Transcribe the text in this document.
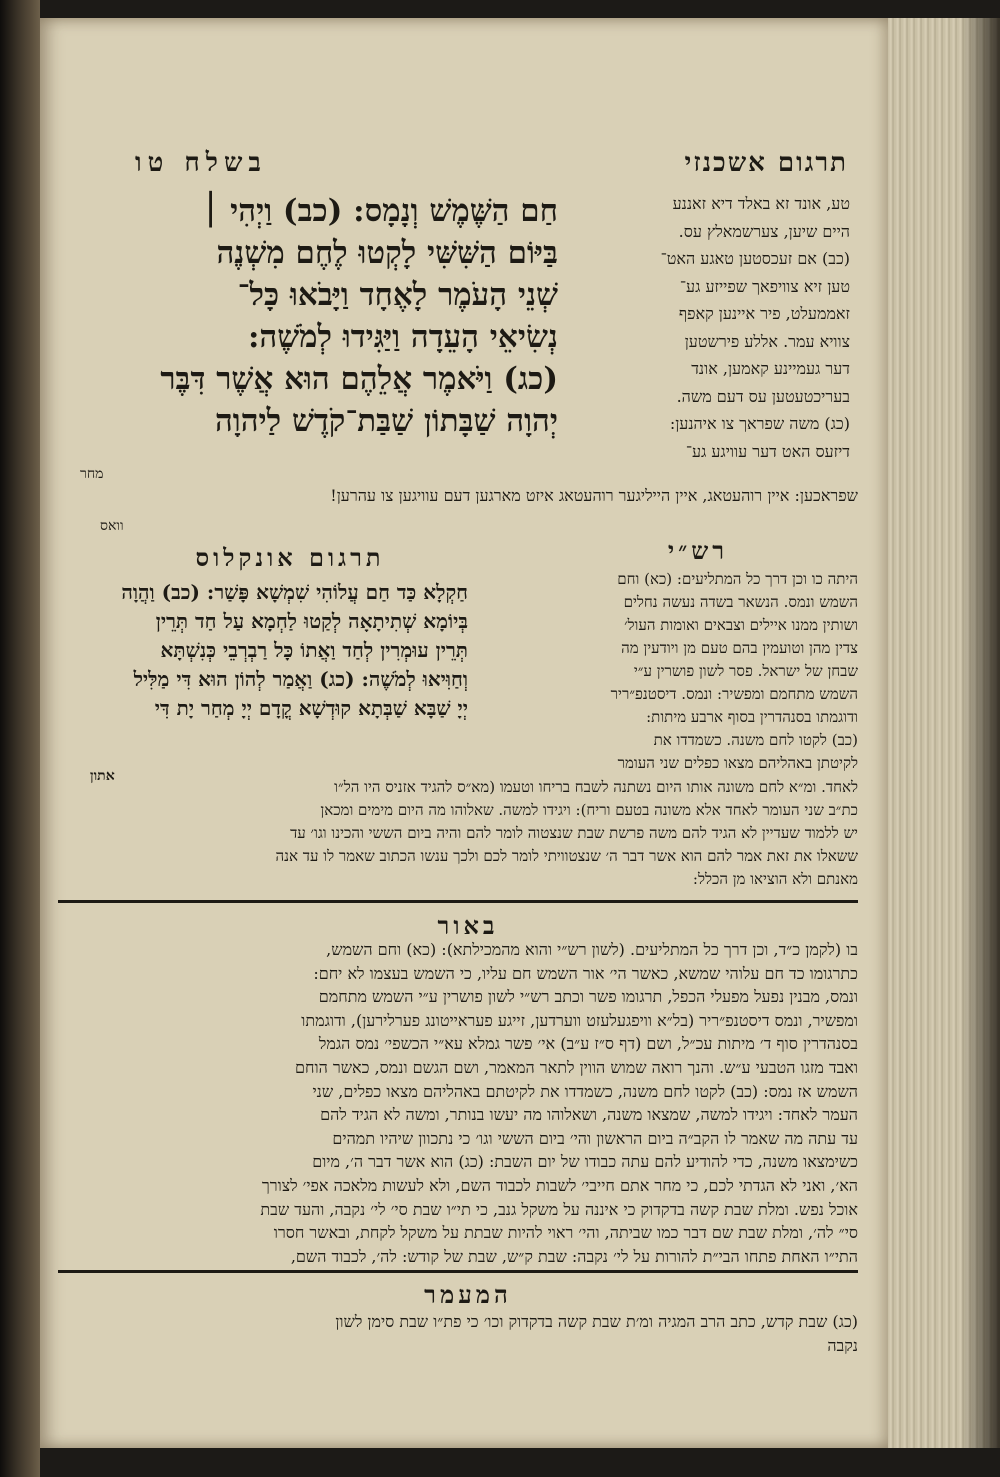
תרגום אשכנזי
בשלח טו
טע, אונד זא באלד דיא זאננע
היים שיען, צערשמאלץ עס.
(כב) אם זעכסטען טאגע האט־
טען זיא צוויפאך שפייזע גע־
זאממעלט, פיר איינען קאפף
צוויא עמר. אללע פירשטען
דער געמיינע קאמען, אונד
בעריכטעטען עס דעם משה.
(כג) משה שפראך צו איהנען:
דיזעס האט דער עוויגע גע־
חַם הַשֶּׁמֶשׁ וְנָמָס: (כב) וַיְהִי ׀
בַּיּוֹם הַשִּׁשִּׁי לָקְטוּ לֶחֶם מִשְׁנֶה
שְׁנֵי הָעֹמֶר לָאֶחָד וַיָּבֹאוּ כָּל־
נְשִׂיאֵי הָעֵדָה וַיַּגִּידוּ לְמֹשֶׁה:
(כג) וַיֹּאמֶר אֲלֵהֶם הוּא אֲשֶׁר דִּבֶּר
יְהוָה שַׁבָּתוֹן שַׁבַּת־קֹדֶשׁ לַיהוָה
מחר
שפראכען: איין רוהעטאג, איין הייליגער רוהעטאג איזט מארגען דעם עוויגען צו עהרען!
וואס
רש״י
תרגום אונקלוס
היתה כו וכן דרך כל המתליעים: (כא) וחם
השמש ונמס. הנשאר בשדה נעשה נחלים
ושותין ממנו איילים וצבאים ואומות העול׳
צדין מהן וטועמין בהם טעם מן ויודעין מה
שבחן של ישראל. פסר לשון פושרין ע״י
השמש מתחמם ומפשיר: ונמס. דיסטנפ״ריר
ודוגמתו בסנהדרין בסוף ארבע מיתות:
(כב) לקטו לחם משנה. כשמדדו את
לקיטתן באהליהם מצאו כפלים שני העומר
חַקְלָא כַּד חַם עֲלוֹהִי שִׁמְשָׁא פָּשַׁר: (כב) וַהֲוָה
בְּיוֹמָא שְׁתִיתָאָה לְקַטוּ לַחְמָא עַל חַד תְּרֵין
תְּרֵין עוּמְרִין לְחַד וַאֲתוֹ כָּל רַבְרְבֵי כְּנִשְׁתָּא
וְחַוִּיאוּ לְמֹשֶׁה: (כג) וַאֲמַר לְהוֹן הוּא דִּי מַלִּיל
יְיָ שַׁבָּא שַׁבְּתָא קוּדְשָׁא קֳדָם יְיָ מְחַר יָת דִּי
אתון
לאחד. ומ״א לחם משונה אותו היום נשתנה לשבח בריחו וטעמו (מא״ס להגיד אזניס היו הל״ו
כת״ב שני העומר לאחד אלא משונה בטעם וריח): ויגידו למשה. שאלוהו מה היום מימים ומכאן
יש ללמוד שעדיין לא הגיד להם משה פרשת שבת שנצטוה לומר להם והיה ביום הששי והכינו וגו׳ עד
ששאלו את זאת אמר להם הוא אשר דבר ה׳ שנצטוויתי לומר לכם ולכך ענשו הכתוב שאמר לו עד אנה
מאנתם ולא הוציאו מן הכלל:
באור
בו (לקמן כ״ד, וכן דרך כל המתליעים. (לשון רש״י והוא מהמכילתא): (כא) וחם השמש,
כתרגומו כד חם עלוהי שמשא, כאשר הי׳ אור השמש חם עליו, כי השמש בעצמו לא יחם:
ונמס, מבנין נפעל מפעלי הכפל, תרגומו פשר וכתב רש״י לשון פושרין ע״י השמש מתחמם
ומפשיר, ונמס דיסטנפ״ריר (בל״א וויפגעלעזט ווערדען, זייגע פעראייטונג פערלירען), ודוגמתו
בסנהדרין סוף ד׳ מיתות עכ״ל, ושם (דף ס״ז ע״ב) אי׳ פשר גמלא עא״י הכשפי׳ נמס הגמל
ואבד מזגו הטבעי ע״ש. והנך רואה שמוש הווין לתאר המאמר, ושם הגשם ונמס, כאשר הוחם
השמש אז נמס: (כב) לקטו לחם משנה, כשמדדו את לקיטתם באהליהם מצאו כפלים, שני
העמר לאחד: ויגידו למשה, שמצאו משנה, ושאלוהו מה יעשו בנותר, ומשה לא הגיד להם
עד עתה מה שאמר לו הקב״ה ביום הראשון והי׳ ביום הששי וגו׳ כי נתכוון שיהיו תמהים
כשימצאו משנה, כדי להודיע להם עתה כבודו של יום השבת: (כג) הוא אשר דבר ה׳, מיום
הא׳, ואני לא הגדתי לכם, כי מחר אתם חייבי׳ לשבות לכבוד השם, ולא לעשות מלאכה אפי׳ לצורך
אוכל נפש. ומלת שבת קשה בדקדוק כי איננה על משקל גנב, כי תי״ו שבת סי׳ לי׳ נקבה, והעד שבת
סי״ לה׳, ומלת שבת שם דבר כמו שביתה, והי׳ ראוי להיות שבתת על משקל לקחת, ובאשר חסרו
התי״ו האחת פתחו הבי״ת להורות על לי׳ נקבה: שבת ק״ש, שבת של קודש: לה׳, לכבוד השם,
המעמר
(כג) שבת קדש, כתב הרב המגיה ומ׳ת שבת קשה בדקדוק וכו׳ כי פת״ו שבת סימן לשון
נקבה
